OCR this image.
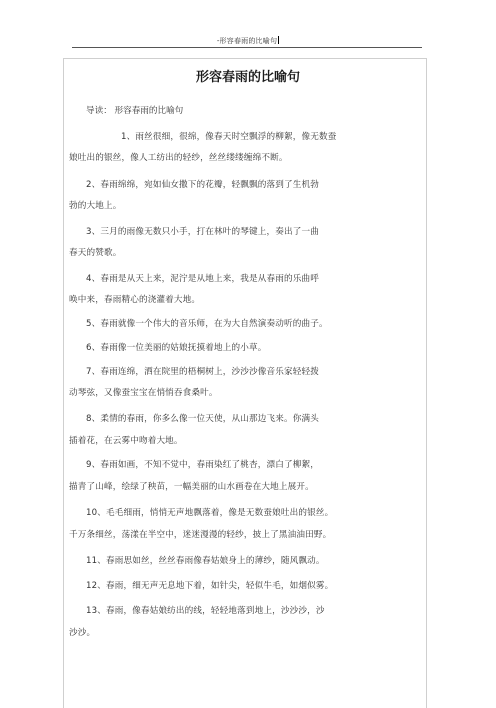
-形容春雨的比喻句
形容春雨的比喻句
导读： 形容春雨的比喻句
1、雨丝很细，很绵，像春天时空飘浮的柳絮，像无数蚕
娘吐出的银丝，像人工纺出的轻纱，丝丝缕缕缠绵不断。
2、春雨绵绵，宛如仙女撒下的花瓣，轻飘飘的落到了生机勃
勃的大地上。
3、三月的雨像无数只小手，打在林叶的琴键上，奏出了一曲
春天的赞歌。
4、春雨是从天上来，泥泞是从地上来，我是从春雨的乐曲呼
唤中来，春雨精心的浇灌着大地。
5、春雨就像一个伟大的音乐师，在为大自然演奏动听的曲子。
6、春雨像一位美丽的姑娘抚摸着地上的小草。
7、春雨连绵，洒在院里的梧桐树上，沙沙沙像音乐家轻轻拨
动琴弦，又像蚕宝宝在悄悄吞食桑叶。
8、柔情的春雨，你多么像一位天使，从山那边飞来。你满头
插着花，在云雾中吻着大地。
9、春雨如画，不知不觉中，春雨染红了桃杏，漂白了柳絮，
描青了山峰，绘绿了秧苗，一幅美丽的山水画卷在大地上展开。
10、毛毛细雨，悄悄无声地飘落着，像是无数蚕娘吐出的银丝。
千万条细丝，荡漾在半空中，迷迷漫漫的轻纱，披上了黑油油田野。
11、春雨思如丝，丝丝春雨像春姑娘身上的薄纱，随风飘动。
12、春雨，细无声无息地下着，如针尖，轻似牛毛，如烟似雾。
13、春雨，像春姑娘纺出的线，轻轻地落到地上，沙沙沙，沙
沙沙。
